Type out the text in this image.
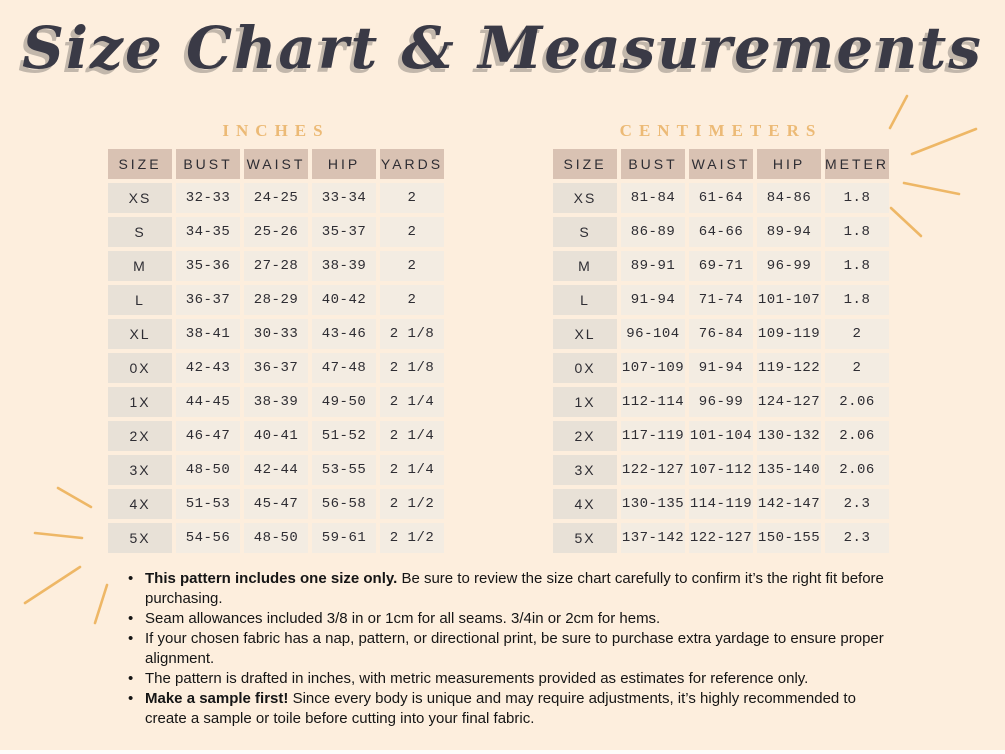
Size Chart & Measurements
INCHES
SIZE	BUST WAIST	HIP	YARDS
XS	32-33	24-25	33-34	2
S	34-35	25-26	35-37	2
M	35-36	27-28	38-39	2
L	36-37	28-29	40-42	2
XL	38-41	30-33	43-46	2 1/8
0X	42-43	36-37	47-48	2 1/8
1X	44-45	38-39	49-50	2 1/4
2X	46-47	40-41	51-52	2 1/4
3X	48-50	42-44	53-55	2 1/4
4X	51-53	45-47	56-58	2 1/2
5X	54-56	48-50	59-61	2 1/2
CENTIMETERS
SIZE	BUST WAIST	HIP	METER
XS	81-84	61-64	84-86	1.8
S	86-89	64-66	89-94	1.8
M	89-91	69-71	96-99	1.8
L	91-94	71-74	101-107	1.8
XL	96-104	76-84	109-119	2
0X	107-109	91-94	119-122	2
1X	112-114	96-99	124-127	2.06
2X	117-119 101-104 130-132	2.06
3X	122-127 107-112 135-140	2.06
4X	130-135 114-119 142-147	2.3
5X	137-142 122-127 150-155	2.3
• This pattern includes one size only. Be sure to review the size chart carefully to confirm it’s the right fit before purchasing.
• Seam allowances included 3/8 in or 1cm for all seams. 3/4in or 2cm for hems.
• If your chosen fabric has a nap, pattern, or directional print, be sure to purchase extra yardage to ensure proper alignment.
• The pattern is drafted in inches, with metric measurements provided as estimates for reference only.
• Make a sample first! Since every body is unique and may require adjustments, it’s highly recommended to create a sample or toile before cutting into your final fabric.
